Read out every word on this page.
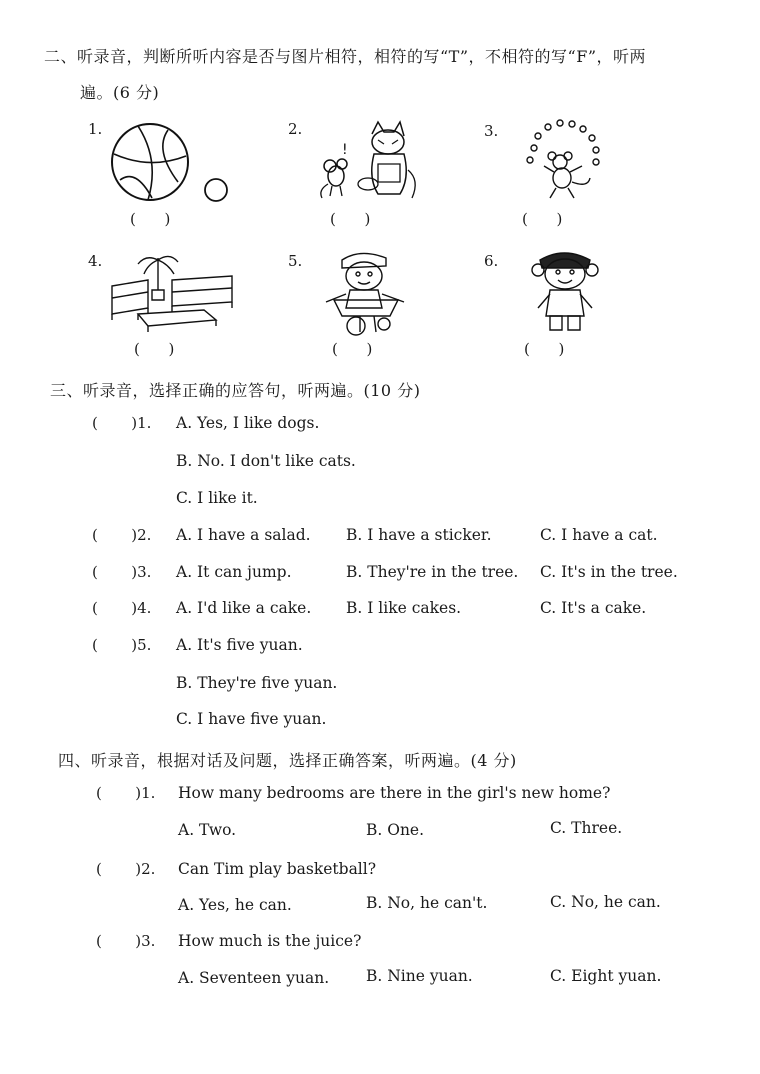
二、听录音，判断所听内容是否与图片相符，相符的写“T”，不相符的写“F”，听两
遍。(6 分)
1.
(      )
2.
!
(      )
3.
(      )
4.
(      )
5.
(      )
6.
(      )
三、听录音，选择正确的应答句，听两遍。(10 分)
(       )1. A. Yes, I like dogs.
B. No. I don't like cats.
C. I like it.
(       )2. A. I have a salad. B. I have a sticker.	C. I have a cat.
(       )3. A. It can jump.	B. They're in the tree. C. It's in the tree.
(       )4. A. I'd like a cake. B. I like cakes.	C. It's a cake.
(       )5. A. It's five yuan.
B. They're five yuan.
C. I have five yuan.
四、听录音，根据对话及问题，选择正确答案，听两遍。(4 分)
(       )1. How many bedrooms are there in the girl's new home?
A. Two.	B. One.	C. Three.
(       )2. Can Tim play basketball?
A. Yes, he can.	B. No, he can't.	C. No, he can.
(       )3. How much is the juice?
A. Seventeen yuan. B. Nine yuan.	C. Eight yuan.
